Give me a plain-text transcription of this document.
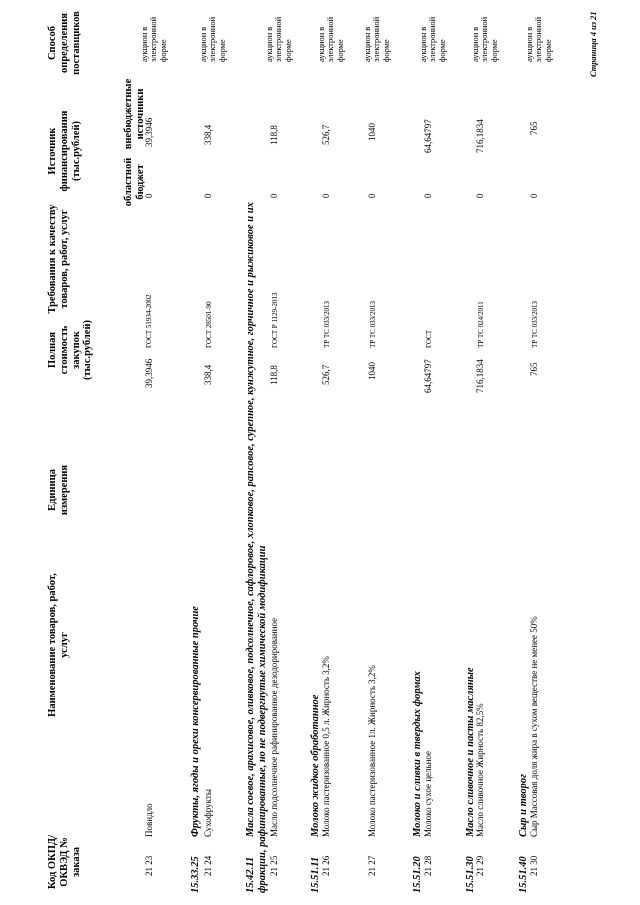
Код ОКПД/ ОКВЭД № заказа
Наименование товаров, работ, услуг
Единица измерения
Полная стоимость закупок (тыс.рублей)
Требования к качеству товаров, работ, услуг
Источник финансирования (тыс.рублей)
областной бюджет
внебюджетные источники
Способ определения поставщиков
21 23
Повидло
39,3946
ГОСТ 51934-2002
0
39,3946
аукцион в электронной форме
15.33.25
Фрукты, ягоды и орехи консервированные прочие
21 24
Сухофрукты
338,4
ГОСТ 28501-90
0
338,4
аукцион в электронной форме
15.42.11
Масла соевое, арахисовое, оливковое, подсолнечное, сафлоровое, хлопковое, рапсовое, сурепное, кунжутное, горчичное и рыжиковое и их фракции, рафинированные, но не подвергнутые химической модификации 21 25
Масло подсолнечное рафинированное дезодорированное
118,8
ГОСТ Р 1129-2013
0
118,8
аукцион в электронной форме
15.51.11
Молоко жидкое обработанное
21 26
Молоко пастеризованное 0,5 л. Жирность 3,2%
526,7
ТР ТС 033/2013
0
526,7
аукцион в электронной форме
21 27
Молоко пастеризованное 1л. Жирность 3,2%
1040
ТР ТС 033/2013
0
1040
аукцион в электронной форме
15.51.20
Молоко и сливки в твердых формах
21 28
Молоко сухое цельное
64,64797
ГОСТ
0
64,64797
аукцион в электронной форме
15.51.30
Масло сливочное и пасты масляные
21 29
Масло сливочное Жирность 82,5%
716,1834
ТР ТС 024/2011
0
716,1834
аукцион в электронной форме
15.51.40
Сыр и творог
21 30
Сыр Массовая доля жира в сухом веществе не менее 50%
765
ТР ТС 033/2013
0
765
аукцион в электронной форме	Страница 4 из 21
